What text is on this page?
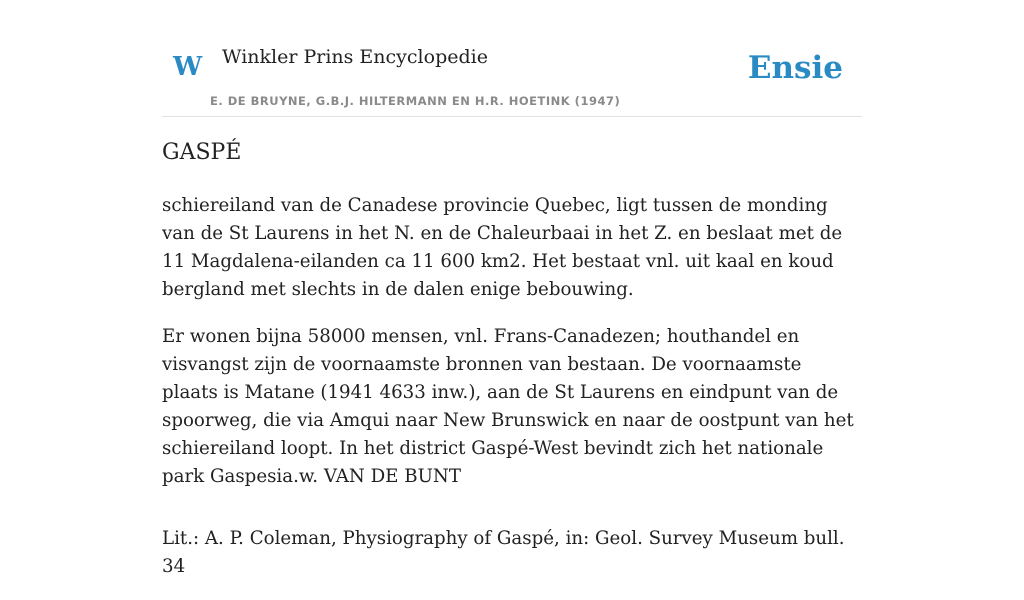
W Winkler Prins Encyclopedie
E. DE BRUYNE, G.B.J. HILTERMANN EN H.R. HOETINK (1947)
Ensie
GASPÉ

schiereiland van de Canadese provincie Quebec, ligt tussen de monding van de St Laurens in het N. en de Chaleurbaai in het Z. en beslaat met de 11 Magdalena-eilanden ca 11 600 km2. Het bestaat vnl. uit kaal en koud bergland met slechts in de dalen enige bebouwing.

Er wonen bijna 58000 mensen, vnl. Frans-Canadezen; houthandel en visvangst zijn de voornaamste bronnen van bestaan. De voornaamste plaats is Matane (1941 4633 inw.), aan de St Laurens en eindpunt van de spoorweg, die via Amqui naar New Brunswick en naar de oostpunt van het schiereiland loopt. In het district Gaspé-West bevindt zich het nationale park Gaspesia.w. VAN DE BUNT

Lit.: A. P. Coleman, Physiography of Gaspé, in: Geol. Survey Museum bull. 34
